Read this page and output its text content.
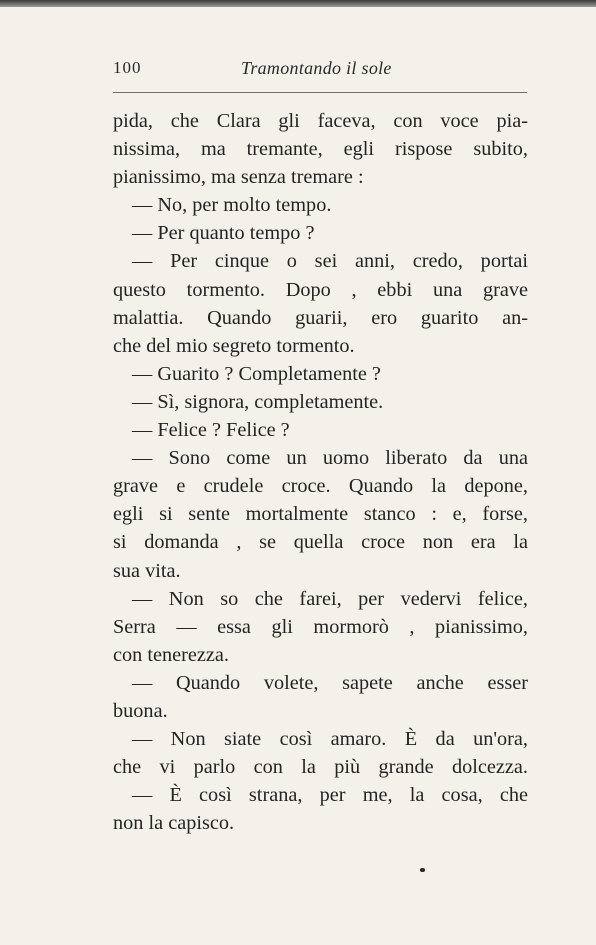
100	Tramontando il sole
pida, che Clara gli faceva, con voce pia-
nissima, ma tremante, egli rispose subito,
pianissimo, ma senza tremare :
— No, per molto tempo.
— Per quanto tempo ?
— Per cinque o sei anni, credo, portai
questo tormento. Dopo , ebbi una grave
malattia. Quando guarii, ero guarito an-
che del mio segreto tormento.
— Guarito ? Completamente ?
— Sì, signora, completamente.
— Felice ? Felice ?
— Sono come un uomo liberato da una
grave e crudele croce. Quando la depone,
egli si sente mortalmente stanco : e, forse,
si domanda , se quella croce non era la
sua vita.
— Non so che farei, per vedervi felice,
Serra — essa gli mormorò , pianissimo,
con tenerezza.
— Quando volete, sapete anche esser
buona.
— Non siate così amaro. È da un'ora,
che vi parlo con la più grande dolcezza.
— È così strana, per me, la cosa, che
non la capisco.
